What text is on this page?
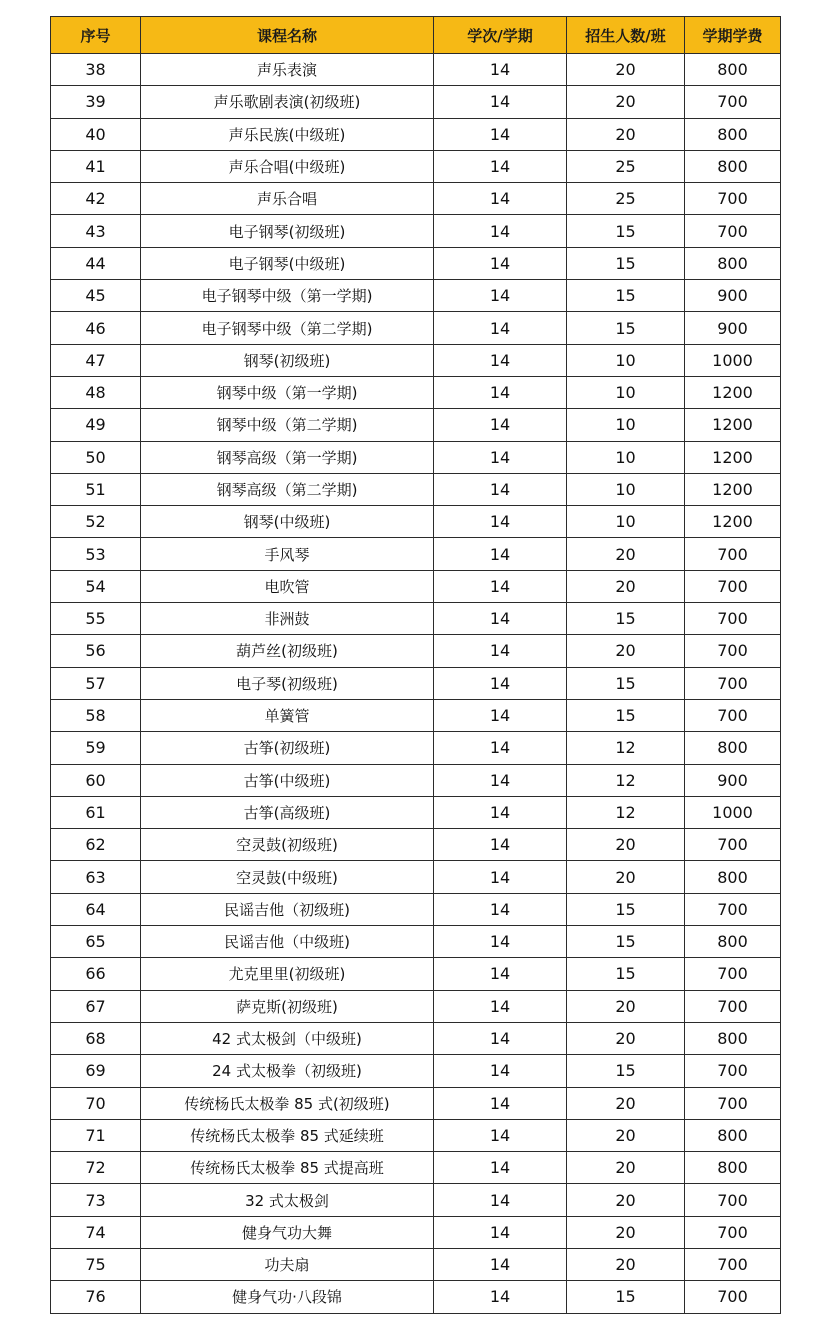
序号	课程名称	学次/学期	招生人数/班	学期学费
38	声乐表演	14	20	800
39	声乐歌剧表演(初级班)	14	20	700
40	声乐民族(中级班)	14	20	800
41	声乐合唱(中级班)	14	25	800
42	声乐合唱	14	25	700
43	电子钢琴(初级班)	14	15	700
44	电子钢琴(中级班)	14	15	800
45	电子钢琴中级（第一学期)	14	15	900
46	电子钢琴中级（第二学期)	14	15	900
47	钢琴(初级班)	14	10	1000
48	钢琴中级（第一学期)	14	10	1200
49	钢琴中级（第二学期)	14	10	1200
50	钢琴高级（第一学期)	14	10	1200
51	钢琴高级（第二学期)	14	10	1200
52	钢琴(中级班)	14	10	1200
53	手风琴	14	20	700
54	电吹管	14	20	700
55	非洲鼓	14	15	700
56	葫芦丝(初级班)	14	20	700
57	电子琴(初级班)	14	15	700
58	单簧管	14	15	700
59	古筝(初级班)	14	12	800
60	古筝(中级班)	14	12	900
61	古筝(高级班)	14	12	1000
62	空灵鼓(初级班)	14	20	700
63	空灵鼓(中级班)	14	20	800
64	民谣吉他（初级班)	14	15	700
65	民谣吉他（中级班)	14	15	800
66	尤克里里(初级班)	14	15	700
67	萨克斯(初级班)	14	20	700
68	42 式太极剑（中级班)	14	20	800
69	24 式太极拳（初级班)	14	15	700
70	传统杨氏太极拳 85 式(初级班)	14	20	700
71	传统杨氏太极拳 85 式延续班	14	20	800
72	传统杨氏太极拳 85 式提高班	14	20	800
73	32 式太极剑	14	20	700
74	健身气功大舞	14	20	700
75	功夫扇	14	20	700
76	健身气功·八段锦	14	15	700
